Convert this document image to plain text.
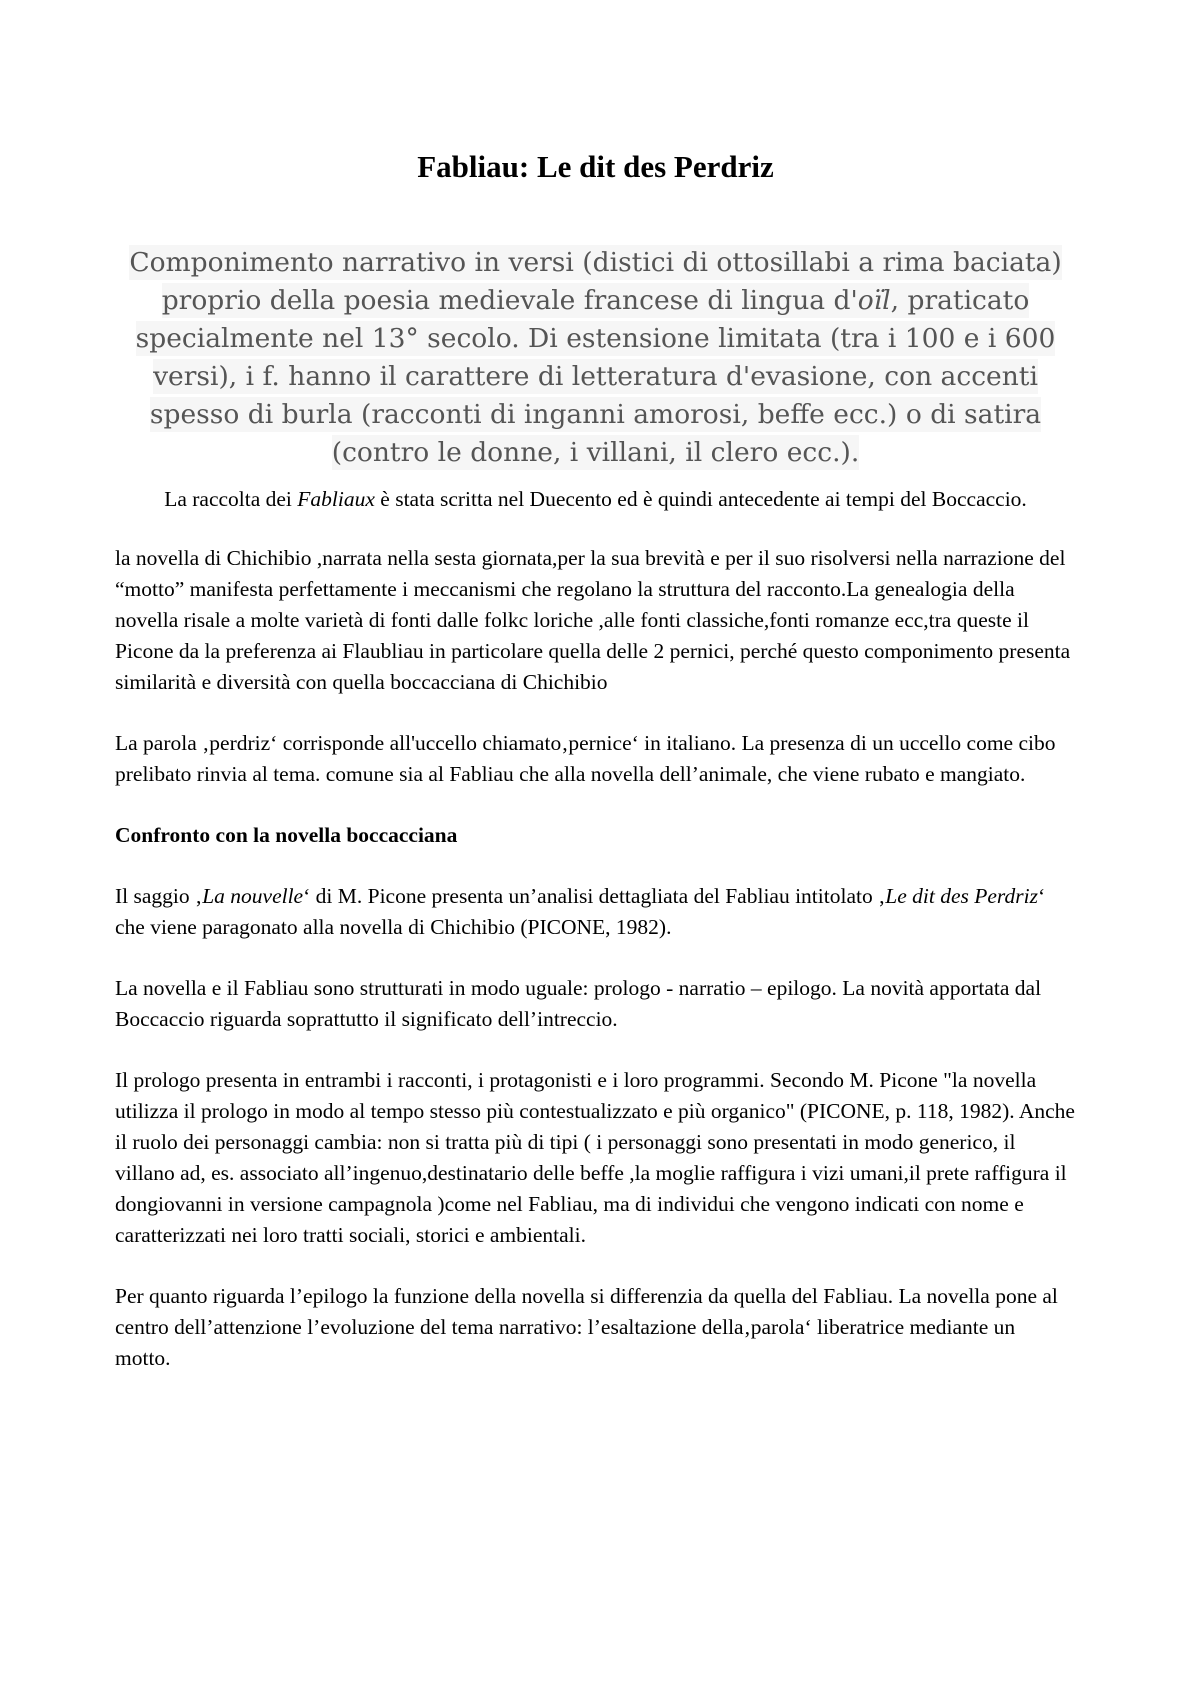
Fabliau: Le dit des Perdriz

Componimento narrativo in versi (distici di ottosillabi a rima baciata) proprio della poesia medievale francese di lingua d'oïl, praticato specialmente nel 13° secolo. Di estensione limitata (tra i 100 e i 600 versi), i f. hanno il carattere di letteratura d'evasione, con accenti spesso di burla (racconti di inganni amorosi, beffe ecc.) o di satira (contro le donne, i villani, il clero ecc.).

La raccolta dei Fabliaux è stata scritta nel Duecento ed è quindi antecedente ai tempi del Boccaccio.

la novella di Chichibio ,narrata nella sesta giornata,per la sua brevità e per il suo risolversi nella narrazione del “motto” manifesta perfettamente i meccanismi che regolano la struttura del racconto.La genealogia della novella risale a molte varietà di fonti dalle folkc loriche ,alle fonti classiche,fonti romanze ecc,tra queste il Picone da la preferenza ai Flaubliau in particolare quella delle 2 pernici, perché questo componimento presenta similarità e diversità con quella boccacciana di Chichibio

La parola ‚perdriz‘ corrisponde all'uccello chiamato‚pernice‘ in italiano. La presenza di un uccello come cibo prelibato rinvia al tema. comune sia al Fabliau che alla novella dell’animale, che viene rubato e mangiato.

Confronto con la novella boccacciana

Il saggio ‚La nouvelle‘ di M. Picone presenta un’analisi dettagliata del Fabliau intitolato ‚Le dit des Perdriz‘ che viene paragonato alla novella di Chichibio (PICONE, 1982).

La novella e il Fabliau sono strutturati in modo uguale: prologo - narratio – epilogo. La novità apportata dal Boccaccio riguarda soprattutto il significato dell’intreccio.

Il prologo presenta in entrambi i racconti, i protagonisti e i loro programmi. Secondo M. Picone "la novella utilizza il prologo in modo al tempo stesso più contestualizzato e più organico" (PICONE, p. 118, 1982). Anche il ruolo dei personaggi cambia: non si tratta più di tipi ( i personaggi sono presentati in modo generico, il villano ad, es. associato all’ingenuo,destinatario delle beffe ,la moglie raffigura i vizi umani,il prete raffigura il dongiovanni in versione campagnola )come nel Fabliau, ma di individui che vengono indicati con nome e caratterizzati nei loro tratti sociali, storici e ambientali.

Per quanto riguarda l’epilogo la funzione della novella si differenzia da quella del Fabliau. La novella pone al centro dell’attenzione l’evoluzione del tema narrativo: l’esaltazione della‚parola‘ liberatrice mediante un motto.
